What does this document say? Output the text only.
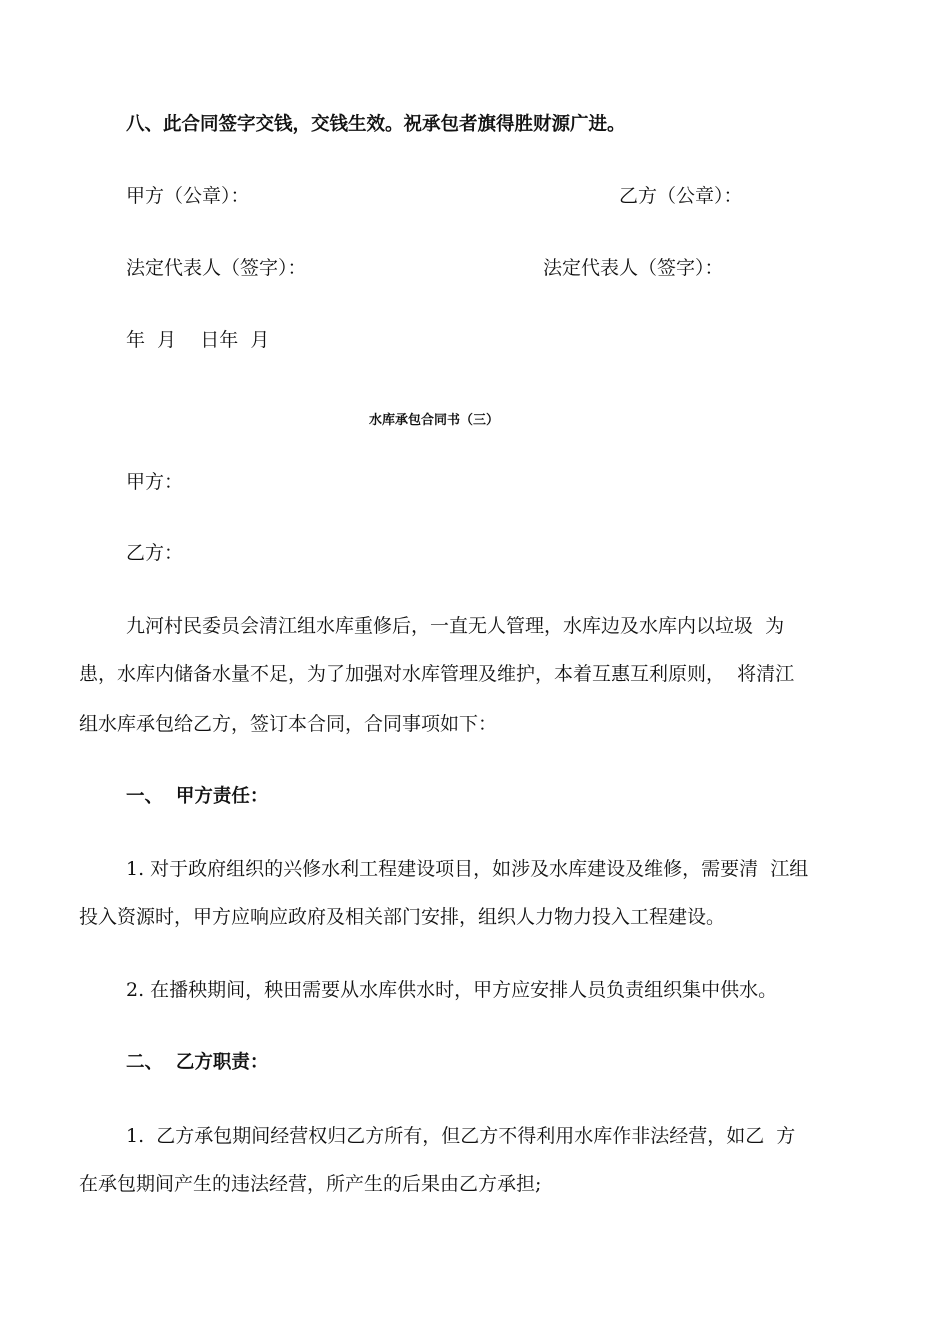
八、此合同签字交钱，交钱生效。祝承包者旗得胜财源广进。
甲方（公章）：	乙方（公章）：
法定代表人（签字）：	法定代表人（签字）：
年  月    日年  月
水库承包合同书（三）
甲方：
乙方：
九河村民委员会清江组水库重修后，一直无人管理，水库边及水库内以垃圾  为
患，水库内储备水量不足，为了加强对水库管理及维护，本着互惠互利原则，  将清江
组水库承包给乙方，签订本合同，合同事项如下：
一、  甲方责任：
1. 对于政府组织的兴修水利工程建设项目，如涉及水库建设及维修，需要清  江组
投入资源时，甲方应响应政府及相关部门安排，组织人力物力投入工程建设。
2. 在播秧期间，秧田需要从水库供水时，甲方应安排人员负责组织集中供水。
二、  乙方职责：
1.  乙方承包期间经营权归乙方所有，但乙方不得利用水库作非法经营，如乙  方
在承包期间产生的违法经营，所产生的后果由乙方承担;
